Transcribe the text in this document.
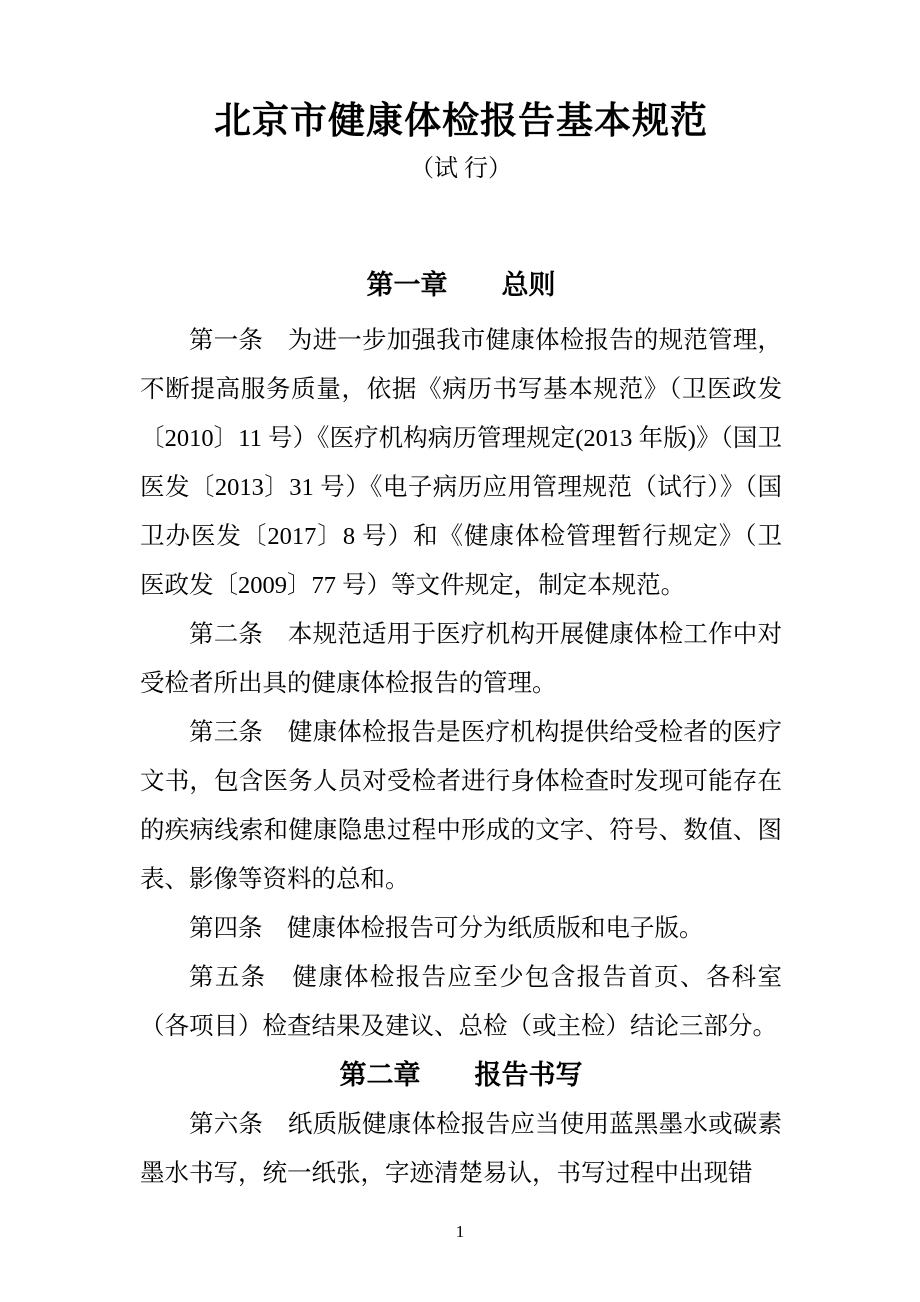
北京市健康体检报告基本规范
（试 行）
第一章　　总则

第一条　为进一步加强我市健康体检报告的规范管理，不断提高服务质量，依据《病历书写基本规范》（卫医政发〔2010〕11 号）《医疗机构病历管理规定(2013 年版)》（国卫医发〔2013〕31 号）《电子病历应用管理规范（试行）》（国卫办医发〔2017〕8 号）和《健康体检管理暂行规定》（卫医政发〔2009〕77 号）等文件规定，制定本规范。

第二条　本规范适用于医疗机构开展健康体检工作中对受检者所出具的健康体检报告的管理。

第三条　健康体检报告是医疗机构提供给受检者的医疗文书，包含医务人员对受检者进行身体检查时发现可能存在的疾病线索和健康隐患过程中形成的文字、符号、数值、图表、影像等资料的总和。

第四条　健康体检报告可分为纸质版和电子版。

第五条　健康体检报告应至少包含报告首页、各科室（各项目）检查结果及建议、总检（或主检）结论三部分。

第二章　　报告书写

第六条　纸质版健康体检报告应当使用蓝黑墨水或碳素墨水书写，统一纸张，字迹清楚易认，书写过程中出现错

1
